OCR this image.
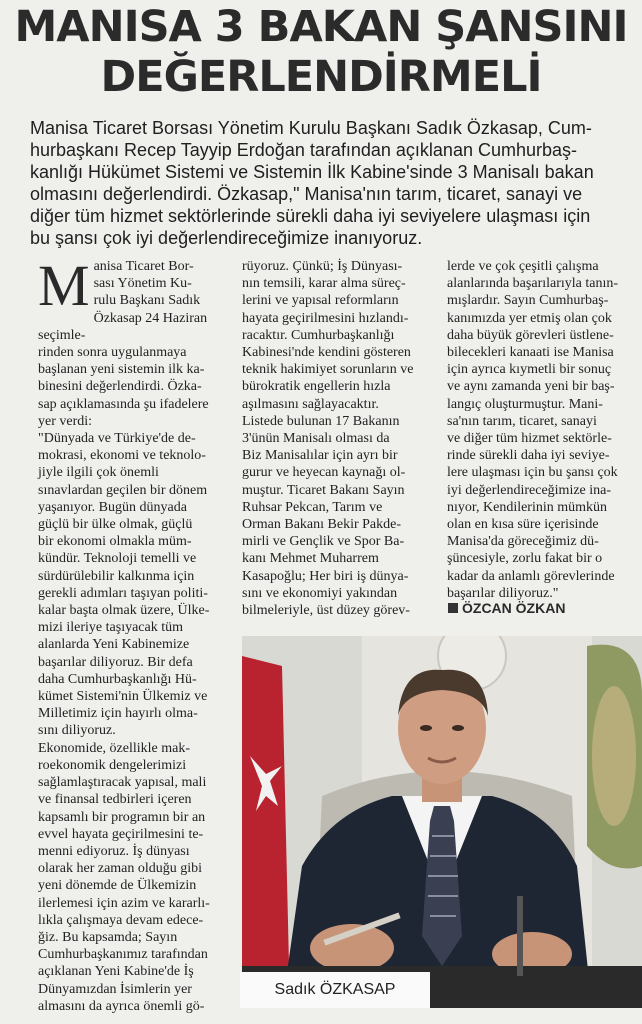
MANISA 3 BAKAN ŞANSINI
DEĞERLENDİRMELİ
Manisa Ticaret Borsası Yönetim Kurulu Başkanı Sadık Özkasap, Cum-
hurbaşkanı Recep Tayyip Erdoğan tarafından açıklanan Cumhurbaş-
kanlığı Hükümet Sistemi ve Sistemin İlk Kabine'sinde 3 Manisalı bakan
olmasını değerlendirdi. Özkasap," Manisa'nın tarım, ticaret, sanayi ve
diğer tüm hizmet sektörlerinde sürekli daha iyi seviyelere ulaşması için
bu şansı çok iyi değerlendireceğimize inanıyoruz.
Manisa Ticaret Bor-
sası Yönetim Ku-
rulu Başkanı Sadık
Özkasap 24 Haziran seçimle-
rinden sonra uygulanmaya
başlanan yeni sistemin ilk ka-
binesini değerlendirdi. Özka-
sap açıklamasında şu ifadelere
yer verdi:
"Dünyada ve Türkiye'de de-
mokrasi, ekonomi ve teknolo-
jiyle ilgili çok önemli
sınavlardan geçilen bir dönem
yaşanıyor. Bugün dünyada
güçlü bir ülke olmak, güçlü
bir ekonomi olmakla müm-
kündür. Teknoloji temelli ve
sürdürülebilir kalkınma için
gerekli adımları taşıyan politi-
kalar başta olmak üzere, Ülke-
mizi ileriye taşıyacak tüm
alanlarda Yeni Kabinemize
başarılar diliyoruz. Bir defa
daha Cumhurbaşkanlığı Hü-
kümet Sistemi'nin Ülkemiz ve
Milletimiz için hayırlı olma-
sını diliyoruz.
Ekonomide, özellikle mak-
roekonomik dengelerimizi
sağlamlaştıracak yapısal, mali
ve finansal tedbirleri içeren
kapsamlı bir programın bir an
evvel hayata geçirilmesini te-
menni ediyoruz. İş dünyası
olarak her zaman olduğu gibi
yeni dönemde de Ülkemizin
ilerlemesi için azim ve kararlı-
lıkla çalışmaya devam edece-
ğiz. Bu kapsamda; Sayın
Cumhurbaşkanımız tarafından
açıklanan Yeni Kabine'de İş
Dünyamızdan İsimlerin yer
almasını da ayrıca önemli gö-
rüyoruz. Çünkü; İş Dünyası-
nın temsili, karar alma süreç-
lerini ve yapısal reformların
hayata geçirilmesini hızlandı-
racaktır. Cumhurbaşkanlığı
Kabinesi'nde kendini gösteren
teknik hakimiyet sorunların ve
bürokratik engellerin hızla
aşılmasını sağlayacaktır.
Listede bulunan 17 Bakanın
3'ünün Manisalı olması da
Biz Manisalılar için ayrı bir
gurur ve heyecan kaynağı ol-
muştur. Ticaret Bakanı Sayın
Ruhsar Pekcan, Tarım ve
Orman Bakanı Bekir Pakde-
mirli ve Gençlik ve Spor Ba-
kanı Mehmet Muharrem
Kasapoğlu; Her biri iş dünya-
sını ve ekonomiyi yakından
bilmeleriyle, üst düzey görev-
lerde ve çok çeşitli çalışma
alanlarında başarılarıyla tanın-
mışlardır. Sayın Cumhurbaş-
kanımızda yer etmiş olan çok
daha büyük görevleri üstlene-
bilecekleri kanaati ise Manisa
için ayrıca kıymetli bir sonuç
ve aynı zamanda yeni bir baş-
langıç oluşturmuştur. Mani-
sa'nın tarım, ticaret, sanayi
ve diğer tüm hizmet sektörle-
rinde sürekli daha iyi seviye-
lere ulaşması için bu şansı çok
iyi değerlendireceğimize ina-
nıyor, Kendilerinin mümkün
olan en kısa süre içerisinde
Manisa'da göreceğimiz dü-
şüncesiyle, zorlu fakat bir o
kadar da anlamlı görevlerinde
başarılar diliyoruz."
ÖZCAN ÖZKAN
Sadık ÖZKASAP
